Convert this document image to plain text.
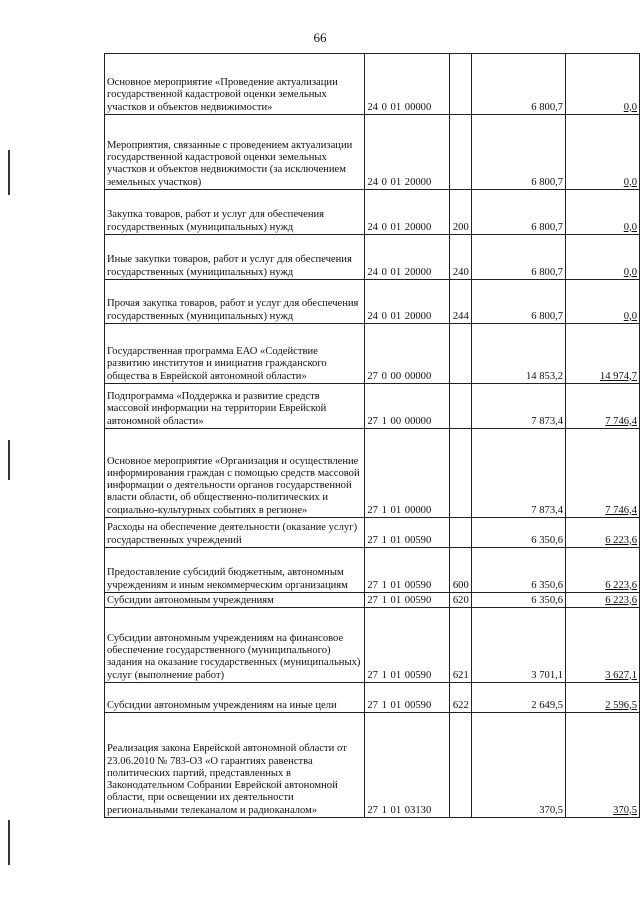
66
Основное мероприятие «Проведение актуализации государственной кадастровой оценки земельных участков и объектов недвижимости»	24 0 01 00000		6 800,7	0,0
Мероприятия, связанные с проведением актуализации государственной кадастровой оценки земельных участков и объектов недвижимости (за исключением земельных участков)	24 0 01 20000		6 800,7	0,0
Закупка товаров, работ и услуг для обеспечения государственных (муниципальных) нужд	24 0 01 20000	200	6 800,7	0,0
Иные закупки товаров, работ и услуг для обеспечения государственных (муниципальных) нужд	24 0 01 20000	240	6 800,7	0,0
Прочая закупка товаров, работ и услуг для обеспечения государственных (муниципальных) нужд	24 0 01 20000	244	6 800,7	0,0
Государственная программа ЕАО «Содействие развитию институтов и инициатив гражданского общества в Еврейской автономной области»	27 0 00 00000		14 853,2	14 974,7
Подпрограмма «Поддержка и развитие средств массовой информации на территории Еврейской автономной области»	27 1 00 00000		7 873,4	7 746,4
Основное мероприятие «Организация и осуществление информирования граждан с помощью средств массовой информации о деятельности органов государственной власти области, об общественно-политических и социально-культурных событиях в регионе»	27 1 01 00000		7 873,4	7 746,4
Расходы на обеспечение деятельности (оказание услуг) государственных учреждений	27 1 01 00590		6 350,6	6 223,6
Предоставление субсидий бюджетным, автономным учреждениям и иным некоммерческим организациям	27 1 01 00590	600	6 350,6	6 223,6
Субсидии автономным учреждениям	27 1 01 00590	620	6 350,6	6 223,6
Субсидии автономным учреждениям на финансовое обеспечение государственного (муниципального) задания на оказание государственных (муниципальных) услуг (выполнение работ)	27 1 01 00590	621	3 701,1	3 627,1
Субсидии автономным учреждениям на иные цели	27 1 01 00590	622	2 649,5	2 596,5
Реализация закона Еврейской автономной области от 23.06.2010 № 783-ОЗ «О гарантиях равенства политических партий, представленных в Законодательном Собрании Еврейской автономной области, при освещении их деятельности региональными телеканалом и радиоканалом»	27 1 01 03130		370,5	370,5
